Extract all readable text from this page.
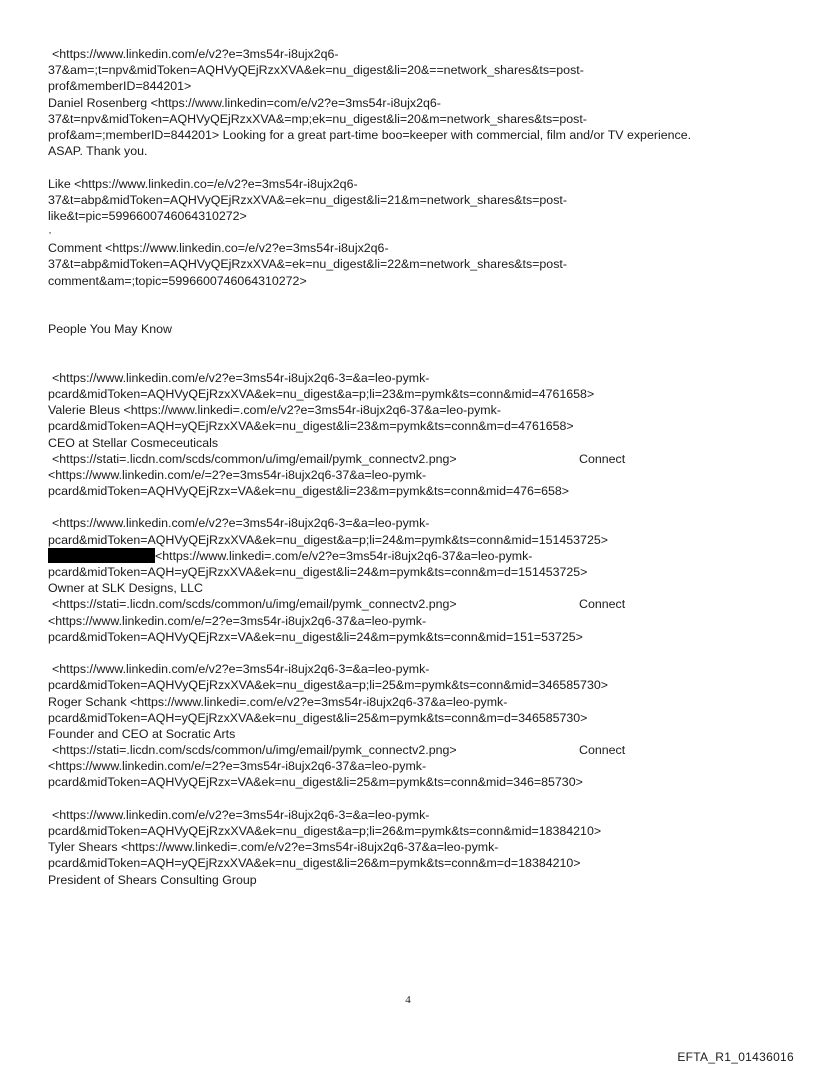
<https://www.linkedin.com/e/v2?e=3ms54r-i8ujx2q6-
37&am=;t=npv&midToken=AQHVyQEjRzxXVA&ek=nu_digest&li=20&==network_shares&ts=post-
prof&memberID=844201>
Daniel Rosenberg <https://www.linkedin=com/e/v2?e=3ms54r-i8ujx2q6-
37&t=npv&midToken=AQHVyQEjRzxXVA&=mp;ek=nu_digest&li=20&m=network_shares&ts=post-
prof&am=;memberID=844201> Looking for a great part-time boo=keeper with commercial, film and/or TV experience.
ASAP. Thank you.
Like <https://www.linkedin.co=/e/v2?e=3ms54r-i8ujx2q6-
37&t=abp&midToken=AQHVyQEjRzxXVA&=ek=nu_digest&li=21&m=network_shares&ts=post-
like&t=pic=5996600746064310272>
·
Comment <https://www.linkedin.co=/e/v2?e=3ms54r-i8ujx2q6-
37&t=abp&midToken=AQHVyQEjRzxXVA&=ek=nu_digest&li=22&m=network_shares&ts=post-
comment&am=;topic=5996600746064310272>
People You May Know
<https://www.linkedin.com/e/v2?e=3ms54r-i8ujx2q6-3=&a=leo-pymk-
pcard&midToken=AQHVyQEjRzxXVA&ek=nu_digest&a=p;li=23&m=pymk&ts=conn&mid=4761658>
Valerie Bleus <https://www.linkedi=.com/e/v2?e=3ms54r-i8ujx2q6-37&a=leo-pymk-
pcard&midToken=AQH=yQEjRzxXVA&ek=nu_digest&li=23&m=pymk&ts=conn&m=d=4761658>
CEO at Stellar Cosmeceuticals
<https://stati=.licdn.com/scds/common/u/img/email/pymk_connectv2.png>	Connect
<https://www.linkedin.com/e/=2?e=3ms54r-i8ujx2q6-37&a=leo-pymk-
pcard&midToken=AQHVyQEjRzx=VA&ek=nu_digest&li=23&m=pymk&ts=conn&mid=476=658>
<https://www.linkedin.com/e/v2?e=3ms54r-i8ujx2q6-3=&a=leo-pymk-
pcard&midToken=AQHVyQEjRzxXVA&ek=nu_digest&a=p;li=24&m=pymk&ts=conn&mid=151453725>
<https://www.linkedi=.com/e/v2?e=3ms54r-i8ujx2q6-37&a=leo-pymk-
pcard&midToken=AQH=yQEjRzxXVA&ek=nu_digest&li=24&m=pymk&ts=conn&m=d=151453725>
Owner at SLK Designs, LLC
<https://stati=.licdn.com/scds/common/u/img/email/pymk_connectv2.png>	Connect
<https://www.linkedin.com/e/=2?e=3ms54r-i8ujx2q6-37&a=leo-pymk-
pcard&midToken=AQHVyQEjRzx=VA&ek=nu_digest&li=24&m=pymk&ts=conn&mid=151=53725>
<https://www.linkedin.com/e/v2?e=3ms54r-i8ujx2q6-3=&a=leo-pymk-
pcard&midToken=AQHVyQEjRzxXVA&ek=nu_digest&a=p;li=25&m=pymk&ts=conn&mid=346585730>
Roger Schank <https://www.linkedi=.com/e/v2?e=3ms54r-i8ujx2q6-37&a=leo-pymk-
pcard&midToken=AQH=yQEjRzxXVA&ek=nu_digest&li=25&m=pymk&ts=conn&m=d=346585730>
Founder and CEO at Socratic Arts
<https://stati=.licdn.com/scds/common/u/img/email/pymk_connectv2.png>	Connect
<https://www.linkedin.com/e/=2?e=3ms54r-i8ujx2q6-37&a=leo-pymk-
pcard&midToken=AQHVyQEjRzx=VA&ek=nu_digest&li=25&m=pymk&ts=conn&mid=346=85730>
<https://www.linkedin.com/e/v2?e=3ms54r-i8ujx2q6-3=&a=leo-pymk-
pcard&midToken=AQHVyQEjRzxXVA&ek=nu_digest&a=p;li=26&m=pymk&ts=conn&mid=18384210>
Tyler Shears <https://www.linkedi=.com/e/v2?e=3ms54r-i8ujx2q6-37&a=leo-pymk-
pcard&midToken=AQH=yQEjRzxXVA&ek=nu_digest&li=26&m=pymk&ts=conn&m=d=18384210>
President of Shears Consulting Group
4
EFTA_R1_01436016
